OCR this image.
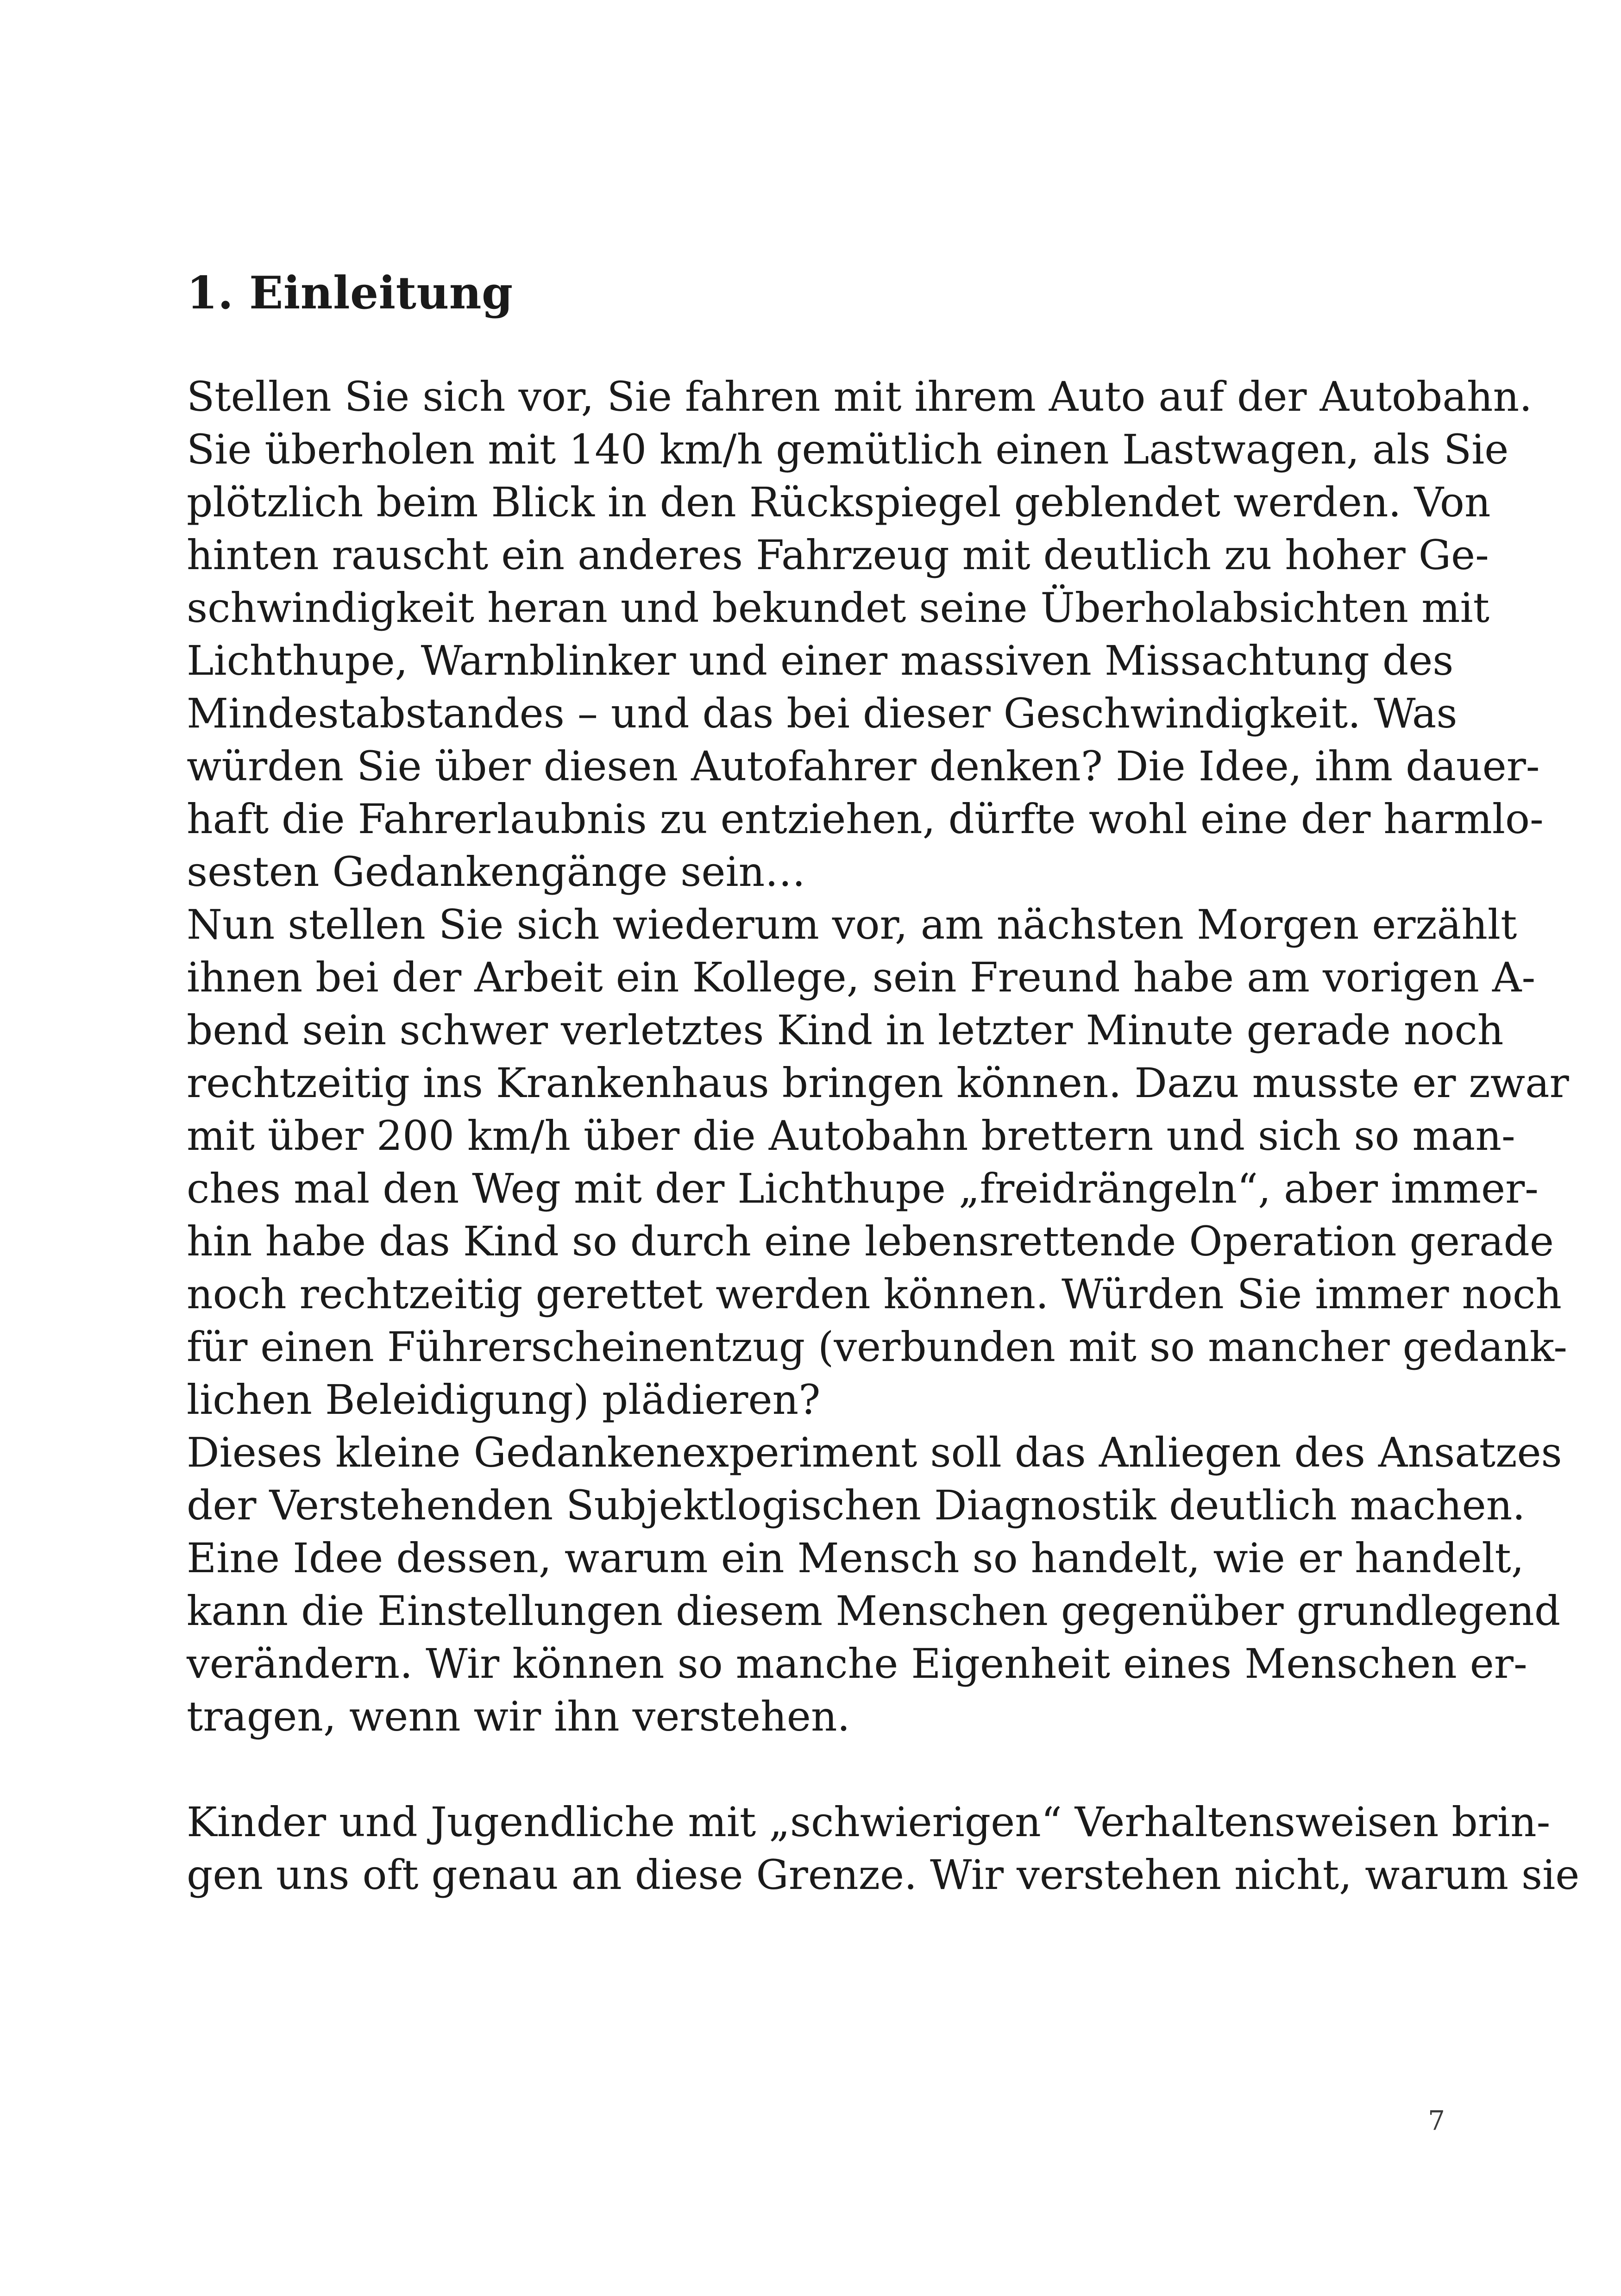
1. Einleitung
Stellen Sie sich vor, Sie fahren mit ihrem Auto auf der Autobahn.
Sie überholen mit 140 km/h gemütlich einen Lastwagen, als Sie
plötzlich beim Blick in den Rückspiegel geblendet werden. Von
hinten rauscht ein anderes Fahrzeug mit deutlich zu hoher Ge-
schwindigkeit heran und bekundet seine Überholabsichten mit
Lichthupe, Warnblinker und einer massiven Missachtung des
Mindestabstandes – und das bei dieser Geschwindigkeit. Was
würden Sie über diesen Autofahrer denken? Die Idee, ihm dauer-
haft die Fahrerlaubnis zu entziehen, dürfte wohl eine der harmlo-
sesten Gedankengänge sein…
Nun stellen Sie sich wiederum vor, am nächsten Morgen erzählt
ihnen bei der Arbeit ein Kollege, sein Freund habe am vorigen A-
bend sein schwer verletztes Kind in letzter Minute gerade noch
rechtzeitig ins Krankenhaus bringen können. Dazu musste er zwar
mit über 200 km/h über die Autobahn brettern und sich so man-
ches mal den Weg mit der Lichthupe „freidrängeln“, aber immer-
hin habe das Kind so durch eine lebensrettende Operation gerade
noch rechtzeitig gerettet werden können. Würden Sie immer noch
für einen Führerscheinentzug (verbunden mit so mancher gedank-
lichen Beleidigung) plädieren?
Dieses kleine Gedankenexperiment soll das Anliegen des Ansatzes
der Verstehenden Subjektlogischen Diagnostik deutlich machen.
Eine Idee dessen, warum ein Mensch so handelt, wie er handelt,
kann die Einstellungen diesem Menschen gegenüber grundlegend
verändern. Wir können so manche Eigenheit eines Menschen er-
tragen, wenn wir ihn verstehen.
Kinder und Jugendliche mit „schwierigen“ Verhaltensweisen brin-
gen uns oft genau an diese Grenze. Wir verstehen nicht, warum sie
7
